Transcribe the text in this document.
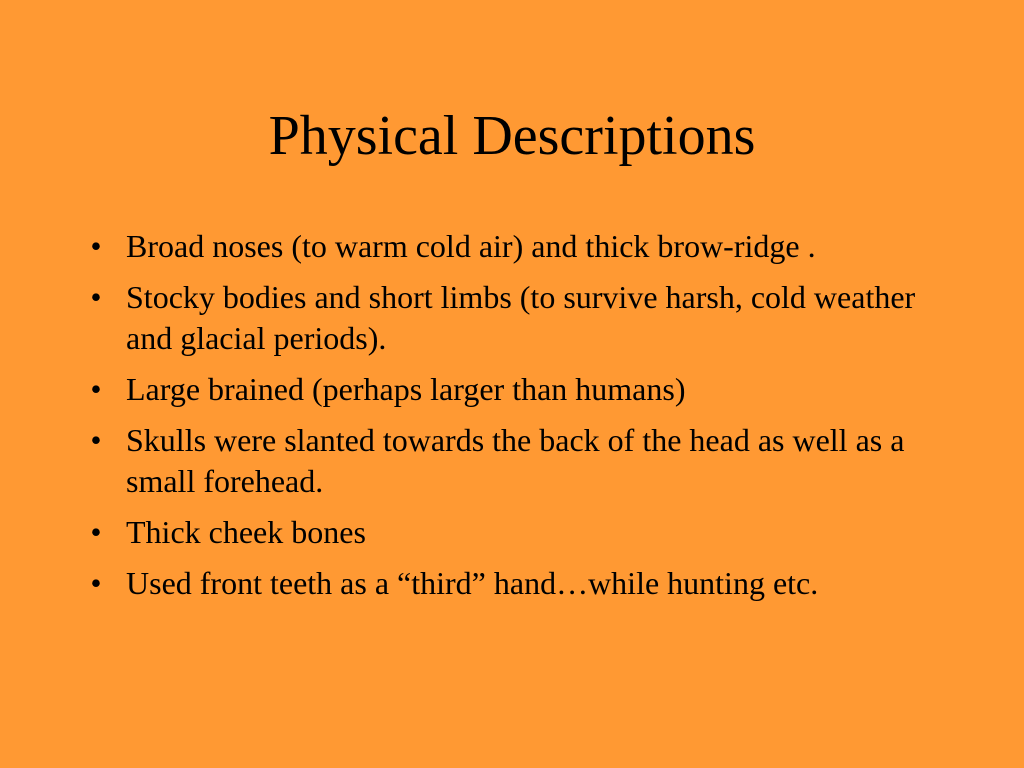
Physical Descriptions
• Broad noses (to warm cold air) and thick brow-ridge .
• Stocky bodies and short limbs (to survive harsh, cold weather and glacial periods).
• Large brained (perhaps larger than humans)
• Skulls were slanted towards the back of the head as well as a small forehead.
• Thick cheek bones
• Used front teeth as a “third” hand…while hunting etc.
